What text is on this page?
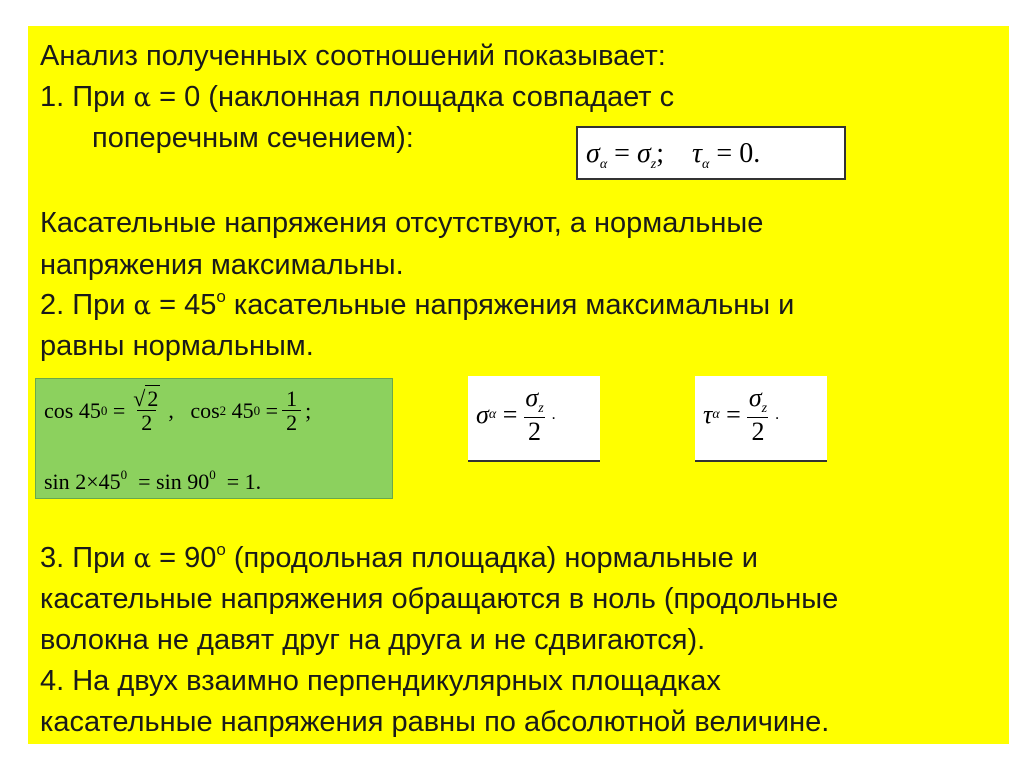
Анализ полученных соотношений показывает:
1. При α = 0 (наклонная площадка совпадает с
поперечным сечением):	$\sigma_\alpha = \sigma_z$; $\tau_\alpha = 0$.
Касательные напряжения отсутствуют, а нормальные
напряжения максимальны.
2. При $\alpha = 45^о$ касательные напряжения максимальны и
равны нормальным.
cos
45 0
= $\frac{√2}{2}$ ,
cos 2
45 0
= $\frac{1}{2}$ ;
$\sin 2\times 45^0 = \sin 90^0 = 1$.
σ α
= $\frac{\sigma_z}{2}$ .	τ α
= $\frac{\sigma_z}{2}$ .
3. При $\alpha = 90^о$ (продольная площадка) нормальные и
касательные напряжения обращаются в ноль (продольные
волокна не давят друг на друга и не сдвигаются).
4. На двух взаимно перпендикулярных площадках
касательные напряжения равны по абсолютной величине.
